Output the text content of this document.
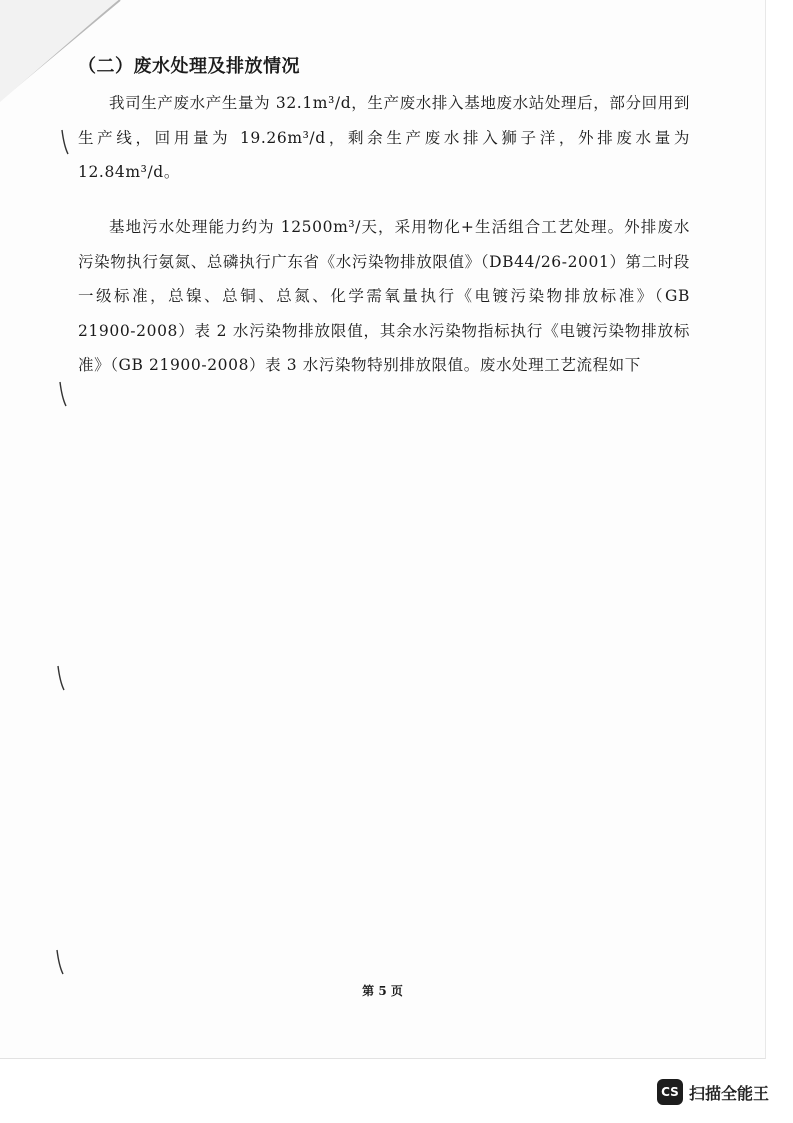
（二）废水处理及排放情况

我司生产废水产生量为 32.1m³/d，生产废水排入基地废水站处理后，部分回用到生产线，回用量为 19.26m³/d，剩余生产废水排入狮子洋，外排废水量为 12.84m³/d。

基地污水处理能力约为 12500m³/天，采用物化+生活组合工艺处理。外排废水污染物执行氨氮、总磷执行广东省《水污染物排放限值》（DB44/26-2001）第二时段一级标准，总镍、总铜、总氮、化学需氧量执行《电镀污染物排放标准》（GB 21900-2008）表 2 水污染物排放限值，其余水污染物指标执行《电镀污染物排放标准》（GB 21900-2008）表 3 水污染物特别排放限值。废水处理工艺流程如下

第 5 页
CS 扫描全能王
